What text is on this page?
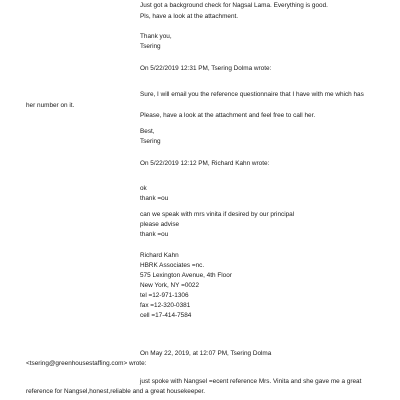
Just got a background check for Nagsal Lama. Everything is good.
Pls, have a look at the attachment.
Thank you,
Tsering
On 5/22/2019 12:31 PM, Tsering Dolma wrote:
Sure, I will email you the reference questionnaire that I have with me which has
her number on it.
Please, have a look at the attachment and feel free to call her.
Best,
Tsering
On 5/22/2019 12:12 PM, Richard Kahn wrote:
ok
thank =ou
can we speak with mrs vinita if desired by our principal
please advise
thank =ou
Richard Kahn
HBRK Associates =nc.
575 Lexington Avenue, 4th Floor
New York, NY =0022
tel =12-971-1306
fax =12-320-0381
cell =17-414-7584
On May 22, 2019, at 12:07 PM, Tsering Dolma
<tsering@greenhousestaffing.com> wrote:
just spoke with Nangsel =ecent reference Mrs. Vinita and she gave me a great
reference for Nangsel,honest,reliable and a great housekeeper.
